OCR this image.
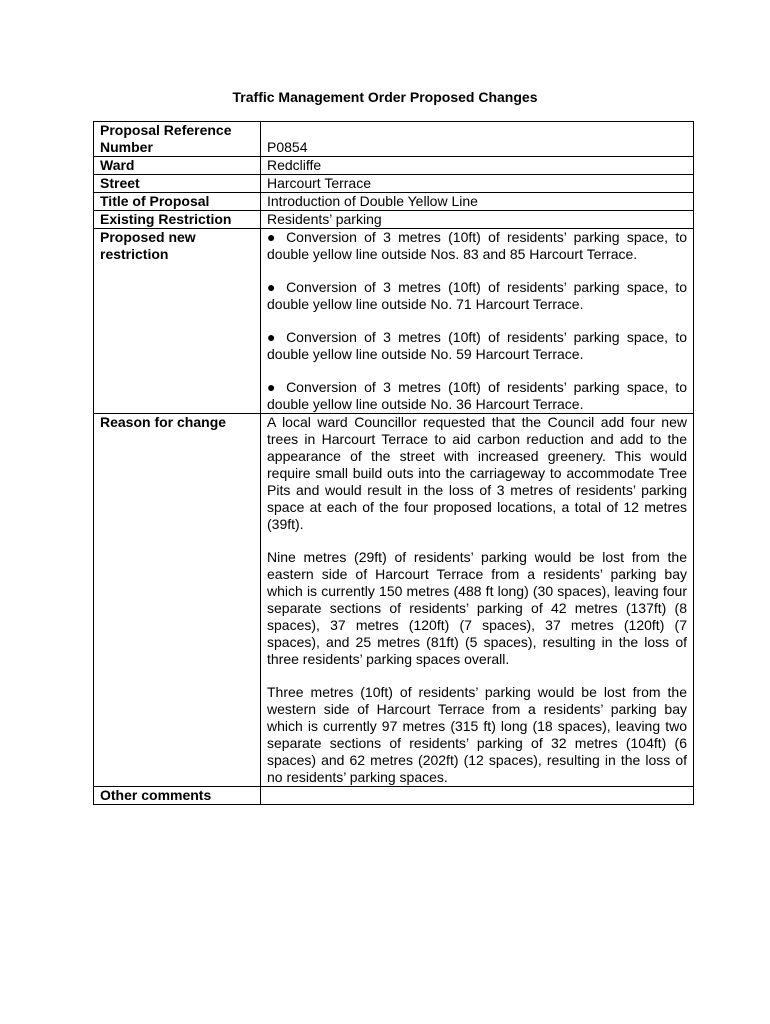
Traffic Management Order Proposed Changes
Proposal Reference Number	P0854
Ward	Redcliffe
Street	Harcourt Terrace
Title of Proposal	Introduction of Double Yellow Line
Existing Restriction	Residents’ parking
Proposed new restriction	● Conversion of 3 metres (10ft) of residents’ parking space, to double yellow line outside Nos. 83 and 85 Harcourt Terrace.

● Conversion of 3 metres (10ft) of residents’ parking space, to double yellow line outside No. 71 Harcourt Terrace.

● Conversion of 3 metres (10ft) of residents’ parking space, to double yellow line outside No. 59 Harcourt Terrace.

● Conversion of 3 metres (10ft) of residents’ parking space, to double yellow line outside No. 36 Harcourt Terrace.

Reason for change	A local ward Councillor requested that the Council add four new trees in Harcourt Terrace to aid carbon reduction and add to the appearance of the street with increased greenery. This would require small build outs into the carriageway to accommodate Tree Pits and would result in the loss of 3 metres of residents’ parking space at each of the four proposed locations, a total of 12 metres (39ft).

Nine metres (29ft) of residents’ parking would be lost from the eastern side of Harcourt Terrace from a residents’ parking bay which is currently 150 metres (488 ft long) (30 spaces), leaving four separate sections of residents’ parking of 42 metres (137ft) (8 spaces), 37 metres (120ft) (7 spaces), 37 metres (120ft) (7 spaces), and 25 metres (81ft) (5 spaces), resulting in the loss of three residents’ parking spaces overall.

Three metres (10ft) of residents’ parking would be lost from the western side of Harcourt Terrace from a residents’ parking bay which is currently 97 metres (315 ft) long (18 spaces), leaving two separate sections of residents’ parking of 32 metres (104ft) (6 spaces) and 62 metres (202ft) (12 spaces), resulting in the loss of no residents’ parking spaces.

Other comments	
